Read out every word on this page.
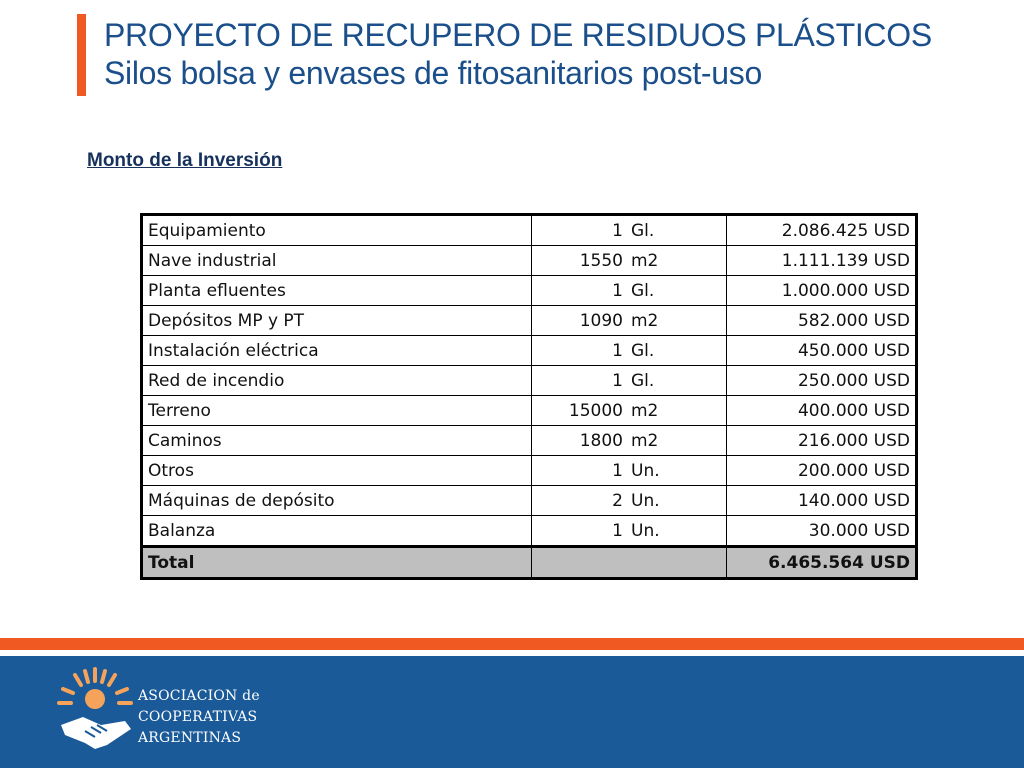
PROYECTO DE RECUPERO DE RESIDUOS PLÁSTICOS
Silos bolsa y envases de fitosanitarios post-uso
Monto de la Inversión
Equipamiento	1	Gl.	2.086.425 USD
Nave industrial	1550	m2	1.111.139 USD
Planta efluentes	1	Gl.	1.000.000 USD
Depósitos MP y PT	1090	m2	582.000 USD
Instalación eléctrica	1	Gl.	450.000 USD
Red de incendio	1	Gl.	250.000 USD
Terreno	15000	m2	400.000 USD
Caminos	1800	m2	216.000 USD
Otros	1	Un.	200.000 USD
Máquinas de depósito	2	Un.	140.000 USD
Balanza	1	Un.	30.000 USD
Total			6.465.564 USD
ASOCIACION de
COOPERATIVAS
ARGENTINAS
